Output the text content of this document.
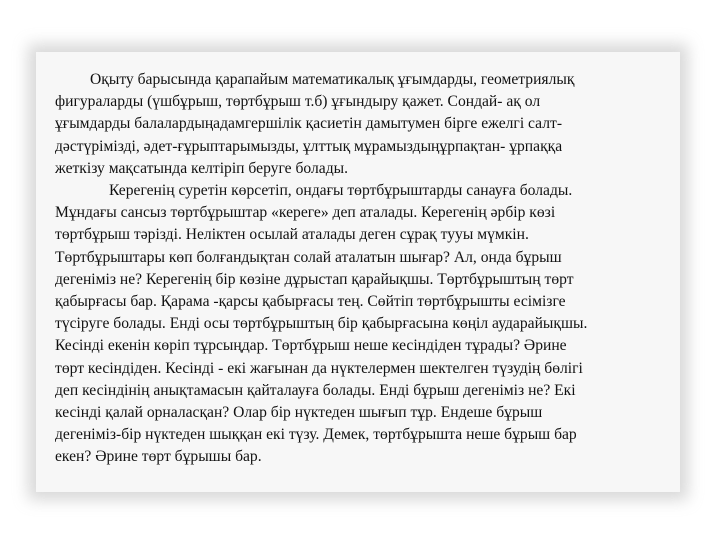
Оқыту барысында қарапайым математикалық ұғымдарды, геометриялық
фигураларды (үшбұрыш, төртбұрыш т.б) ұғындыру қажет. Сондай- ақ ол
ұғымдарды балалардыңадамгершілік қасиетін дамытумен бірге ежелгі салт-
дәстүрімізді, әдет-ғұрыптарымызды, ұлттық мұрамыздыңұрпақтан- ұрпаққа
жеткізу мақсатында келтіріп беруге болады.
Керегенің суретін көрсетіп, ондағы төртбұрыштарды санауға болады.
Мұндағы сансыз төртбұрыштар «кереге» деп аталады. Керегенің әрбір көзі
төртбұрыш тәрізді. Неліктен осылай аталады деген сұрақ тууы мүмкін.
Төртбұрыштары көп болғандықтан солай аталатын шығар? Ал, онда бұрыш
дегеніміз не? Керегенің бір көзіне дұрыстап қарайықшы. Төртбұрыштың төрт
қабырғасы бар. Қарама -қарсы қабырғасы тең. Сөйтіп төртбұрышты есімізге
түсіруге болады. Енді осы төртбұрыштың бір қабырғасына көңіл аударайықшы.
Кесінді екенін көріп тұрсыңдар. Төртбұрыш неше кесіндіден тұрады? Әрине
төрт кесіндіден. Кесінді - екі жағынан да нүктелермен шектелген түзудің бөлігі
деп кесіндінің анықтамасын қайталауға болады. Енді бұрыш дегеніміз не? Екі
кесінді қалай орналасқан? Олар бір нүктеден шығып тұр. Ендеше бұрыш
дегеніміз-бір нүктеден шыққан екі түзу. Демек, төртбұрышта неше бұрыш бар
екен? Әрине төрт бұрышы бар.
